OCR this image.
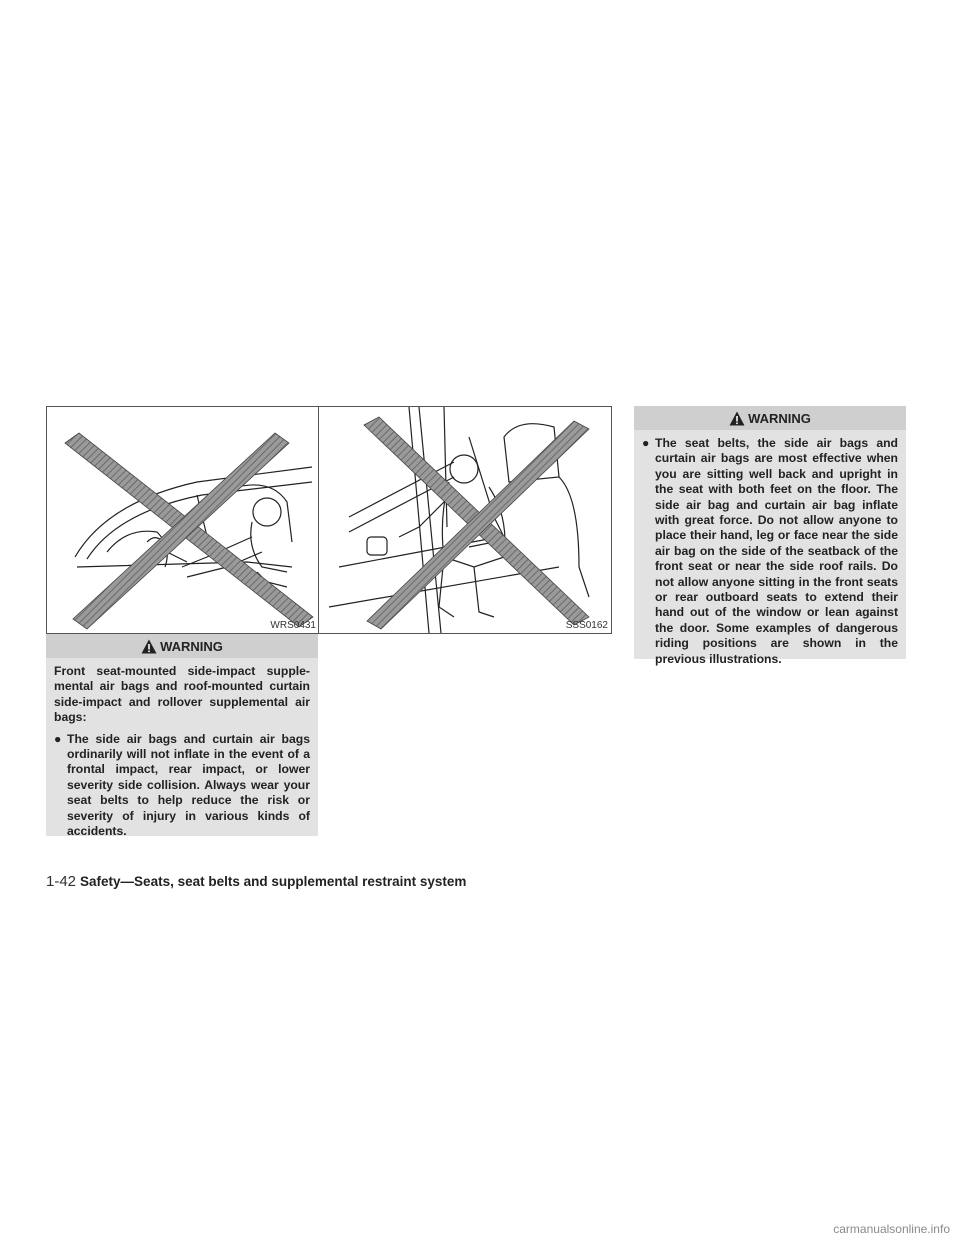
WRS0431	SSS0162
WARNING

Front seat-mounted side-impact supple-mental air bags and roof-mounted curtain side-impact and rollover supplemental air bags:

● The side air bags and curtain air bags ordinarily will not inflate in the event of a frontal impact, rear impact, or lower severity side collision. Always wear your seat belts to help reduce the risk or severity of injury in various kinds of accidents.
WARNING
● The seat belts, the side air bags and curtain air bags are most effective when you are sitting well back and upright in the seat with both feet on the floor. The side air bag and curtain air bag inflate with great force. Do not allow anyone to place their hand, leg or face near the side air bag on the side of the seatback of the front seat or near the side roof rails. Do not allow anyone sitting in the front seats or rear outboard seats to extend their hand out of the window or lean against the door. Some examples of dangerous riding positions are shown in the previous illustrations.
1-42 Safety—Seats, seat belts and supplemental restraint system
carmanualsonline.info
